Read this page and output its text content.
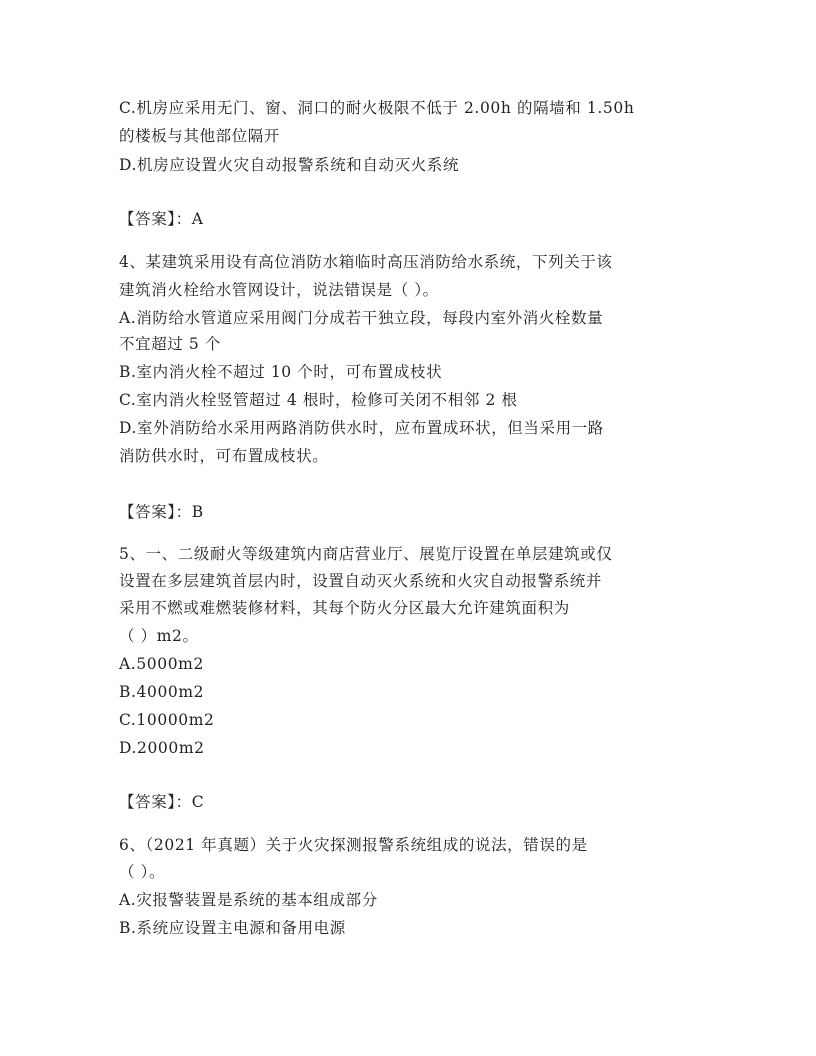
C.机房应采用无门、窗、洞口的耐火极限不低于 2.00h 的隔墙和 1.50h
的楼板与其他部位隔开
D.机房应设置火灾自动报警系统和自动灭火系统
【答案】：A
4、某建筑采用设有高位消防水箱临时高压消防给水系统，下列关于该
建筑消火栓给水管网设计，说法错误是（ ）。
A.消防给水管道应采用阀门分成若干独立段，每段内室外消火栓数量
不宜超过 5 个
B.室内消火栓不超过 10 个时，可布置成枝状
C.室内消火栓竖管超过 4 根时，检修可关闭不相邻 2 根
D.室外消防给水采用两路消防供水时，应布置成环状，但当采用一路
消防供水时，可布置成枝状。
【答案】：B
5、一、二级耐火等级建筑内商店营业厅、展览厅设置在单层建筑或仅
设置在多层建筑首层内时，设置自动灭火系统和火灾自动报警系统并
采用不燃或难燃装修材料，其每个防火分区最大允许建筑面积为
（ ）m2。
A.5000m2
B.4000m2
C.10000m2
D.2000m2
【答案】：C
6、（2021 年真题）关于火灾探测报警系统组成的说法，错误的是
（ ）。
A.灾报警装置是系统的基本组成部分
B.系统应设置主电源和备用电源
